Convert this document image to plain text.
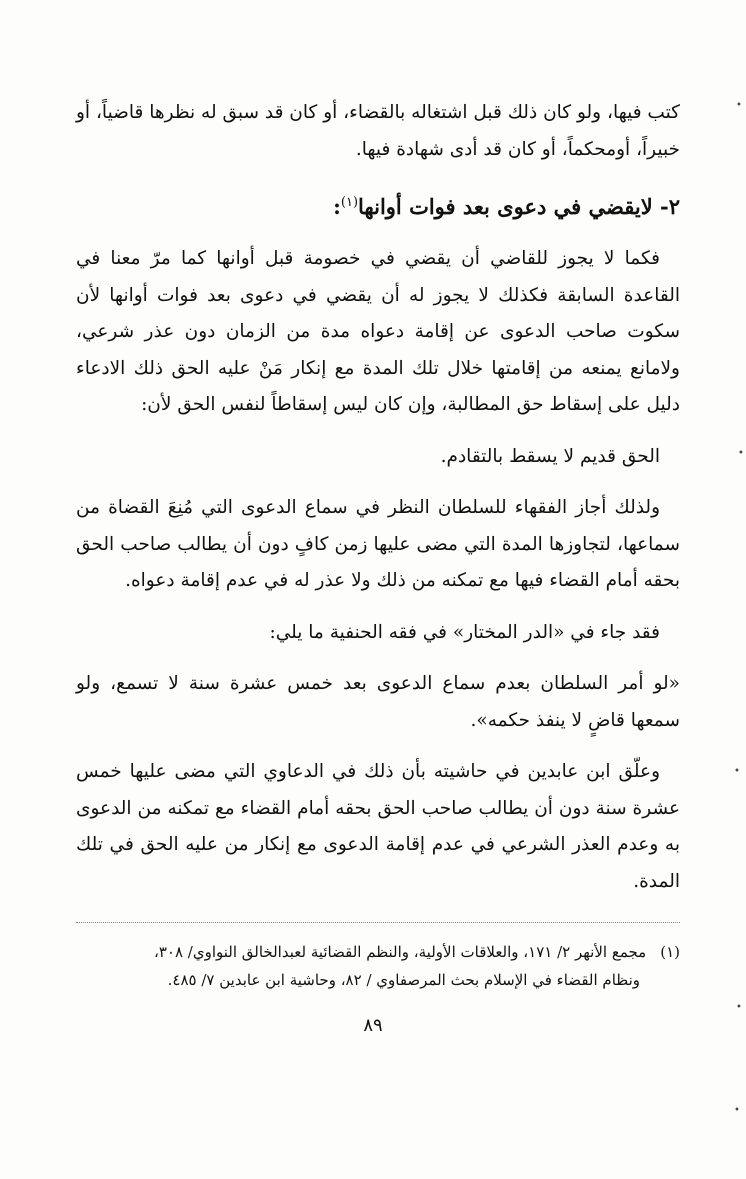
كتب فيها، ولو كان ذلك قبل اشتغاله بالقضاء، أو كان قد سبق له نظرها قاضياً، أو خبيراً، أومحكماً، أو كان قد أدى شهادة فيها.

٢- لايقضي في دعوى بعد فوات أوانها$^{(١)}$:

فكما لا يجوز للقاضي أن يقضي في خصومة قبل أوانها كما مرّ معنا في القاعدة السابقة فكذلك لا يجوز له أن يقضي في دعوى بعد فوات أوانها لأن سكوت صاحب الدعوى عن إقامة دعواه مدة من الزمان دون عذر شرعي، ولامانع يمنعه من إقامتها خلال تلك المدة مع إنكار مَنْ عليه الحق ذلك الادعاء دليل على إسقاط حق المطالبة، وإن كان ليس إسقاطاً لنفس الحق لأن:

الحق قديم لا يسقط بالتقادم.

ولذلك أجاز الفقهاء للسلطان النظر في سماع الدعوى التي مُنِعَ القضاة من سماعها، لتجاوزها المدة التي مضى عليها زمن كافٍ دون أن يطالب صاحب الحق بحقه أمام القضاء فيها مع تمكنه من ذلك ولا عذر له في عدم إقامة دعواه.

فقد جاء في «الدر المختار» في فقه الحنفية ما يلي:

«لو أمر السلطان بعدم سماع الدعوى بعد خمس عشرة سنة لا تسمع، ولو سمعها قاضٍ لا ينفذ حكمه».

وعلّق ابن عابدين في حاشيته بأن ذلك في الدعاوي التي مضى عليها خمس عشرة سنة دون أن يطالب صاحب الحق بحقه أمام القضاء مع تمكنه من الدعوى به وعدم العذر الشرعي في عدم إقامة الدعوى مع إنكار من عليه الحق في تلك المدة.

(١)مجمع الأنهر ٢/ ١٧١، والعلاقات الأولية، والنظم القضائية لعبدالخالق النواوي/ ٣٠٨،
ونظام القضاء في الإسلام بحث المرصفاوي / ٨٢، وحاشية ابن عابدين ٧/ ٤٨٥.
٨٩
•
•
•
•
•
